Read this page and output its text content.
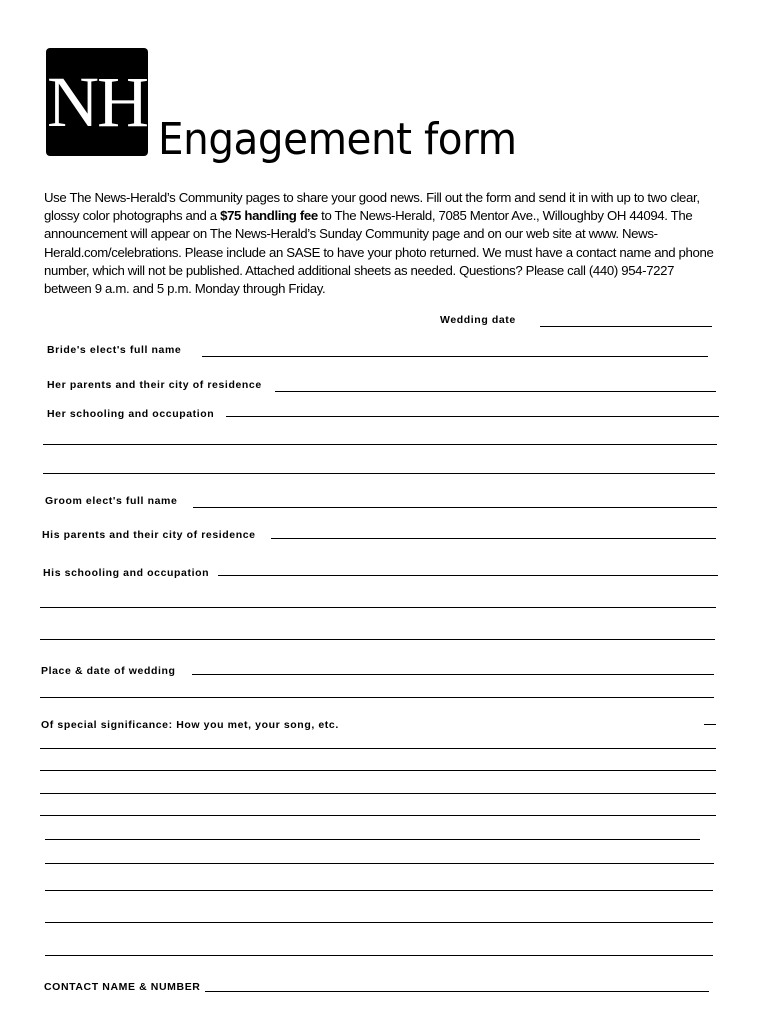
NH Engagement form

Use The News-Herald’s Community pages to share your good news. Fill out the form and send it in with up to two clear, glossy color photographs and a $75 handling fee to The News-Herald, 7085 Mentor Ave., Willoughby OH 44094. The announcement will appear on The News-Herald’s Sunday Community page and on our web site at www. News-Herald.com/celebrations. Please include an SASE to have your photo returned. We must have a contact name and phone number, which will not be published. Attached additional sheets as needed. Questions? Please call (440) 954-7227 between 9 a.m. and 5 p.m. Monday through Friday.

Wedding date

Bride's elect's full name

Her parents and their city of residence

Her schooling and occupation

Groom elect's full name

His parents and their city of residence

His schooling and occupation

Place & date of wedding

Of special significance: How you met, your song, etc.

CONTACT NAME & NUMBER
